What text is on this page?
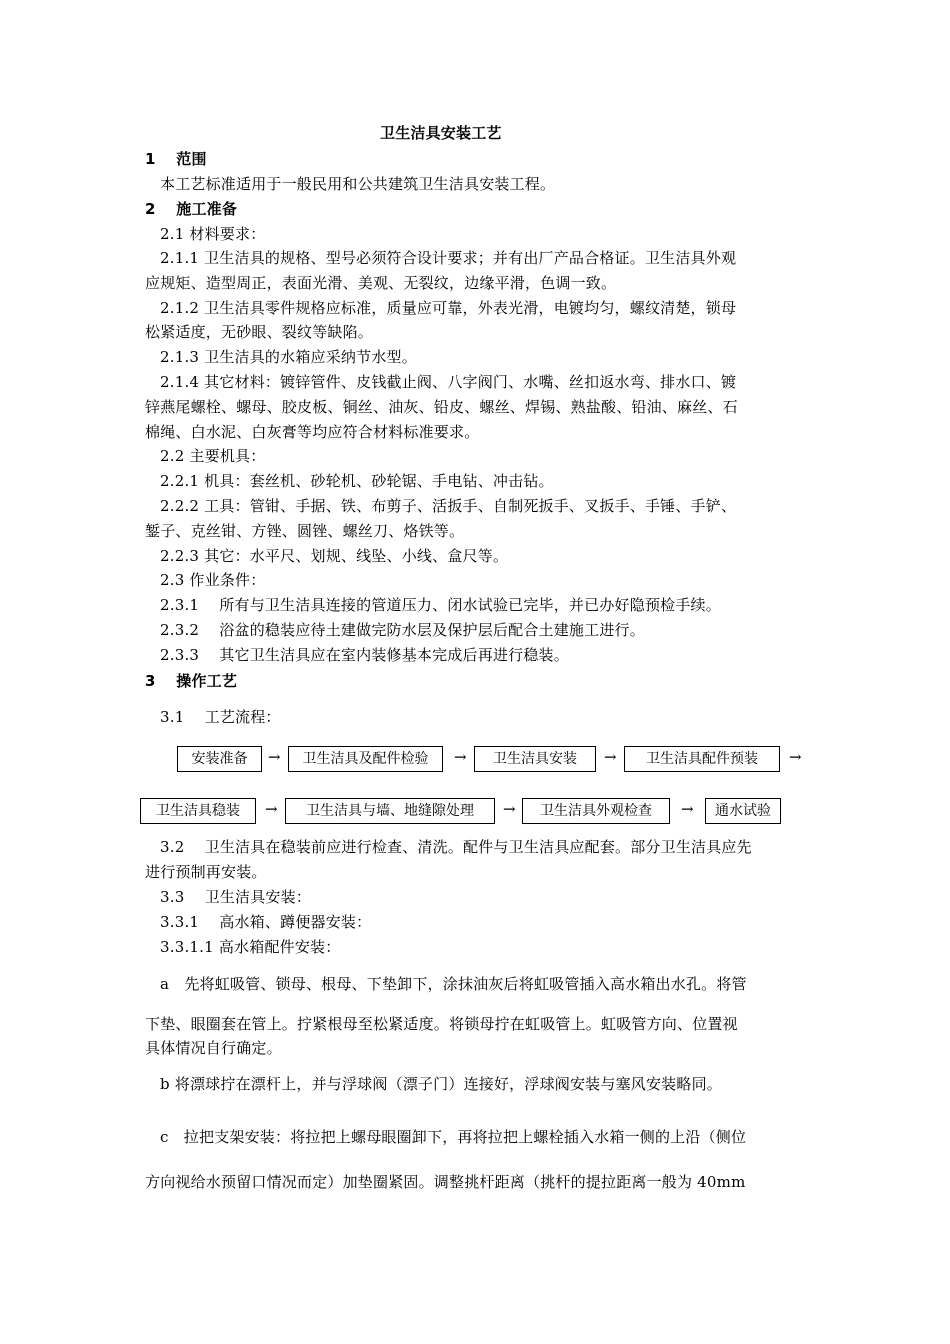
卫生洁具安装工艺
1　 范围
本工艺标准适用于一般民用和公共建筑卫生洁具安装工程。
2　 施工准备
2.1 材料要求：
2.1.1 卫生洁具的规格、型号必须符合设计要求；并有出厂产品合格证。卫生洁具外观
应规矩、造型周正，表面光滑、美观、无裂纹，边缘平滑，色调一致。
2.1.2 卫生洁具零件规格应标准，质量应可靠，外表光滑，电镀均匀，螺纹清楚，锁母
松紧适度，无砂眼、裂纹等缺陷。
2.1.3 卫生洁具的水箱应采纳节水型。
2.1.4 其它材料：镀锌管件、皮钱截止阀、八字阀门、水嘴、丝扣返水弯、排水口、镀
锌燕尾螺栓、螺母、胶皮板、铜丝、油灰、铅皮、螺丝、焊锡、熟盐酸、铅油、麻丝、石
棉绳、白水泥、白灰膏等均应符合材料标准要求。
2.2 主要机具：
2.2.1 机具：套丝机、砂轮机、砂轮锯、手电钻、冲击钻。
2.2.2 工具：管钳、手据、铁、布剪子、活扳手、自制死扳手、叉扳手、手锤、手铲、
錾子、克丝钳、方锉、圆锉、螺丝刀、烙铁等。
2.2.3 其它：水平尺、划规、线坠、小线、盒尺等。
2.3 作业条件：
2.3.1　 所有与卫生洁具连接的管道压力、闭水试验已完毕，并已办好隐预检手续。
2.3.2　 浴盆的稳装应待土建做完防水层及保护层后配合土建施工进行。
2.3.3　 其它卫生洁具应在室内装修基本完成后再进行稳装。
3　 操作工艺
3.1　 工艺流程：
3.2　 卫生洁具在稳装前应进行检查、清洗。配件与卫生洁具应配套。部分卫生洁具应先
进行预制再安装。
3.3　 卫生洁具安装：
3.3.1　 高水箱、蹲便器安装：
3.3.1.1 高水箱配件安装：
a　先将虹吸管、锁母、根母、下垫卸下，涂抹油灰后将虹吸管插入高水箱出水孔。将管
下垫、眼圈套在管上。拧紧根母至松紧适度。将锁母拧在虹吸管上。虹吸管方向、位置视
具体情况自行确定。
b 将漂球拧在漂杆上，并与浮球阀（漂子门）连接好，浮球阀安装与塞风安装略同。
c　拉把支架安装：将拉把上螺母眼圈卸下，再将拉把上螺栓插入水箱一侧的上沿（侧位
方向视给水预留口情况而定）加垫圈紧固。调整挑杆距离（挑杆的提拉距离一般为 40mm
安装准备	→	卫生洁具及配件检验	→	卫生洁具安装	→	卫生洁具配件预装	→
卫生洁具稳装	→	卫生洁具与墙、地缝隙处理	→	卫生洁具外观检查	→	通水试验
